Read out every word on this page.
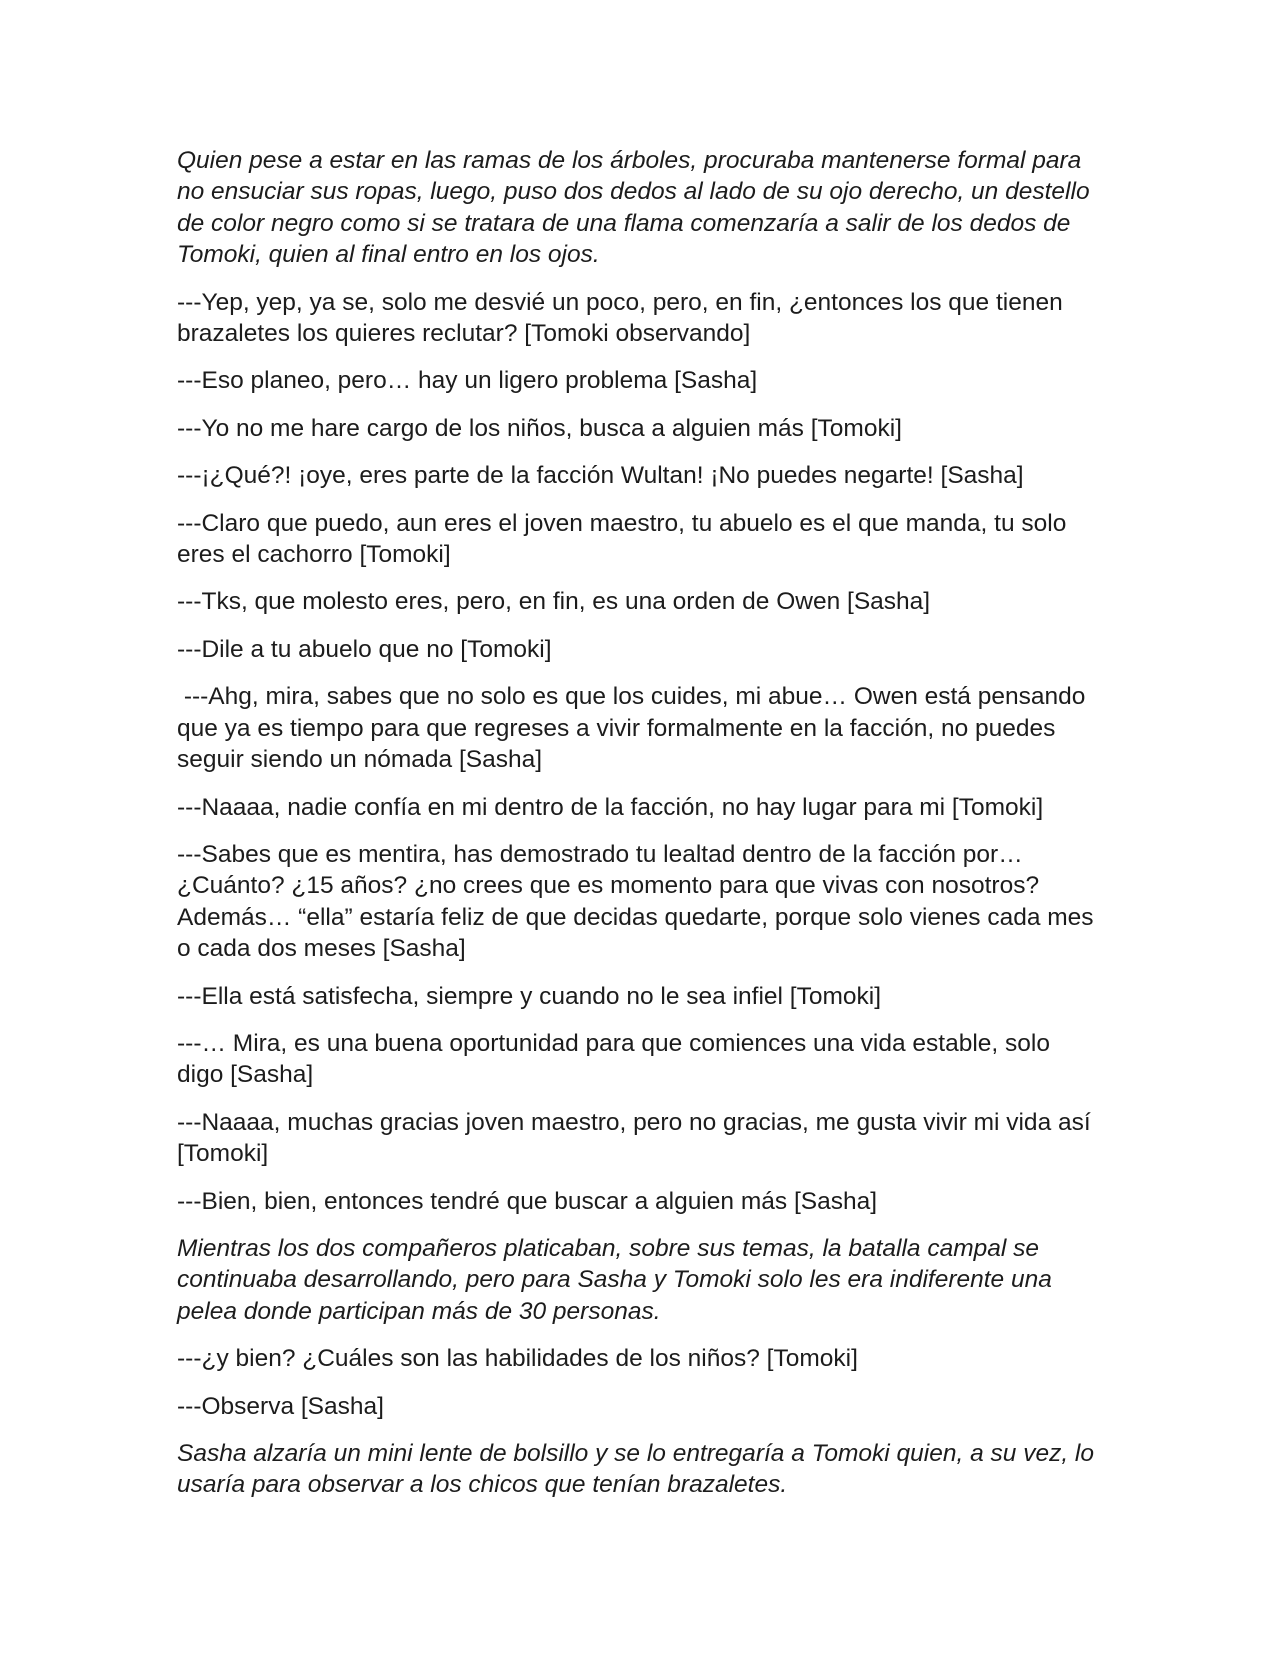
Quien pese a estar en las ramas de los árboles, procuraba mantenerse formal para no ensuciar sus ropas, luego, puso dos dedos al lado de su ojo derecho, un destello de color negro como si se tratara de una flama comenzaría a salir de los dedos de Tomoki, quien al final entro en los ojos.

---Yep, yep, ya se, solo me desvié un poco, pero, en fin, ¿entonces los que tienen brazaletes los quieres reclutar? [Tomoki observando]

---Eso planeo, pero… hay un ligero problema [Sasha]

---Yo no me hare cargo de los niños, busca a alguien más [Tomoki]

---¡¿Qué?! ¡oye, eres parte de la facción Wultan! ¡No puedes negarte! [Sasha]

---Claro que puedo, aun eres el joven maestro, tu abuelo es el que manda, tu solo eres el cachorro [Tomoki]

---Tks, que molesto eres, pero, en fin, es una orden de Owen [Sasha]

---Dile a tu abuelo que no [Tomoki]

---Ahg, mira, sabes que no solo es que los cuides, mi abue… Owen está pensando que ya es tiempo para que regreses a vivir formalmente en la facción, no puedes seguir siendo un nómada [Sasha]

---Naaaa, nadie confía en mi dentro de la facción, no hay lugar para mi [Tomoki]

---Sabes que es mentira, has demostrado tu lealtad dentro de la facción por… ¿Cuánto? ¿15 años? ¿no crees que es momento para que vivas con nosotros? Además… “ella” estaría feliz de que decidas quedarte, porque solo vienes cada mes o cada dos meses [Sasha]

---Ella está satisfecha, siempre y cuando no le sea infiel [Tomoki]

---… Mira, es una buena oportunidad para que comiences una vida estable, solo digo [Sasha]

---Naaaa, muchas gracias joven maestro, pero no gracias, me gusta vivir mi vida así [Tomoki]

---Bien, bien, entonces tendré que buscar a alguien más [Sasha]

Mientras los dos compañeros platicaban, sobre sus temas, la batalla campal se continuaba desarrollando, pero para Sasha y Tomoki solo les era indiferente una pelea donde participan más de 30 personas.

---¿y bien? ¿Cuáles son las habilidades de los niños? [Tomoki]

---Observa [Sasha]

Sasha alzaría un mini lente de bolsillo y se lo entregaría a Tomoki quien, a su vez, lo usaría para observar a los chicos que tenían brazaletes.
